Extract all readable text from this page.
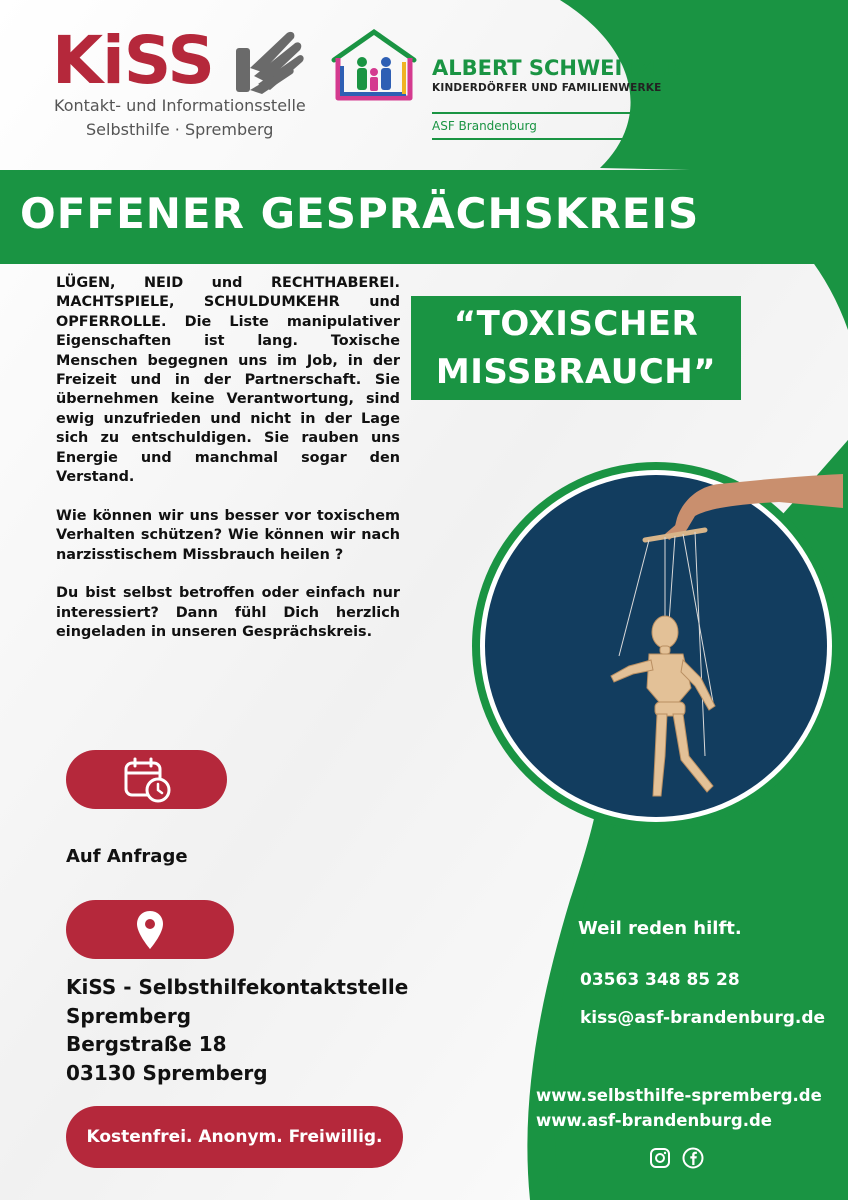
KiSS
Kontakt- und Informationsstelle
Selbsthilfe · Spremberg
ALBERT SCHWEITZER
KINDERDÖRFER UND FAMILIENWERKE
ASF Brandenburg
OFFENER GESPRÄCHSKREIS
“TOXISCHER
MISSBRAUCH”

LÜGEN, NEID und RECHTHABEREI. MACHTSPIELE, SCHULDUMKEHR und OPFERROLLE. Die Liste manipulativer Eigenschaften ist lang. Toxische Menschen begegnen uns im Job, in der Freizeit und in der Partnerschaft. Sie übernehmen keine Verantwortung, sind ewig unzufrieden und nicht in der Lage sich zu entschuldigen. Sie rauben uns Energie und manchmal sogar den Verstand.

Wie können wir uns besser vor toxischem Verhalten schützen? Wie können wir nach narzisstischem Missbrauch heilen ?

Du bist selbst betroffen oder einfach nur interessiert? Dann fühl Dich herzlich eingeladen in unseren Gesprächskreis.

Auf Anfrage
KiSS - Selbsthilfekontaktstelle
Spremberg
Bergstraße 18
03130 Spremberg
Kostenfrei. Anonym. Freiwillig.
Weil reden hilft.
03563 348 85 28
kiss@asf-brandenburg.de
www.selbsthilfe-spremberg.de
www.asf-brandenburg.de
